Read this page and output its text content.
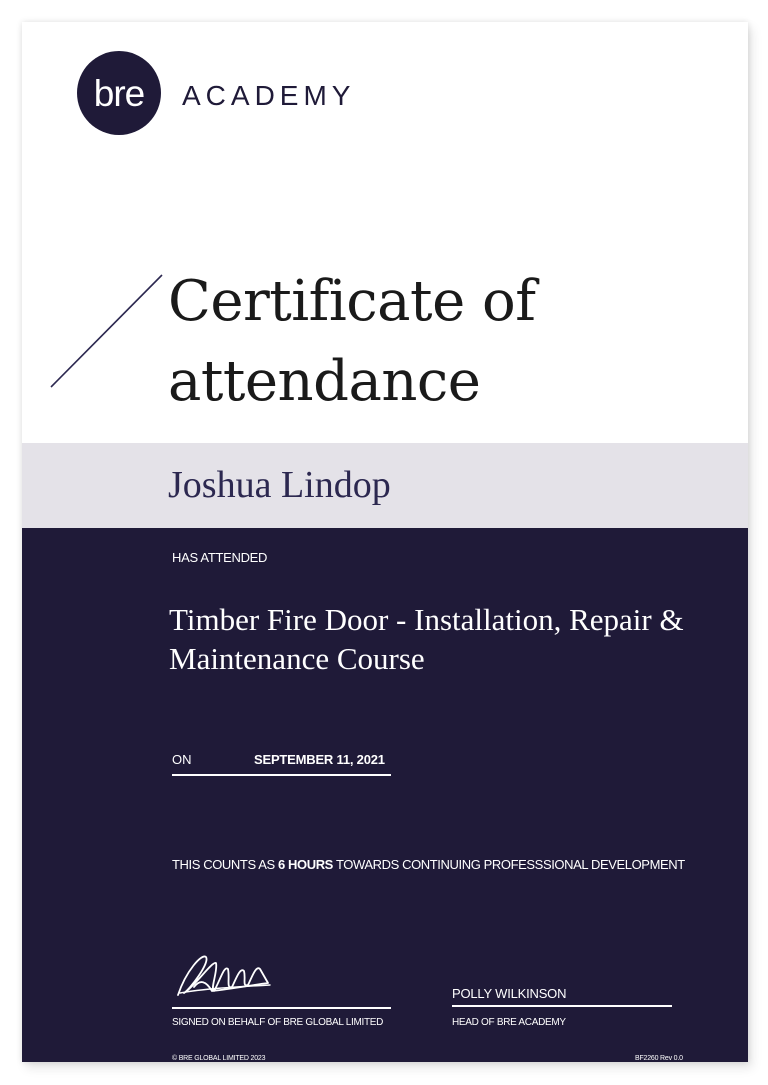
bre ACADEMY
Certificate of
attendance
Joshua Lindop
HAS ATTENDED
Timber Fire Door - Installation, Repair & Maintenance Course
ON	SEPTEMBER 11, 2021
THIS COUNTS AS 6 HOURS TOWARDS CONTINUING PROFESSSIONAL DEVELOPMENT
SIGNED ON BEHALF OF BRE GLOBAL LIMITED
POLLY WILKINSON
HEAD OF BRE ACADEMY
© BRE GLOBAL LIMITED 2023	BF2260 Rev 0.0
